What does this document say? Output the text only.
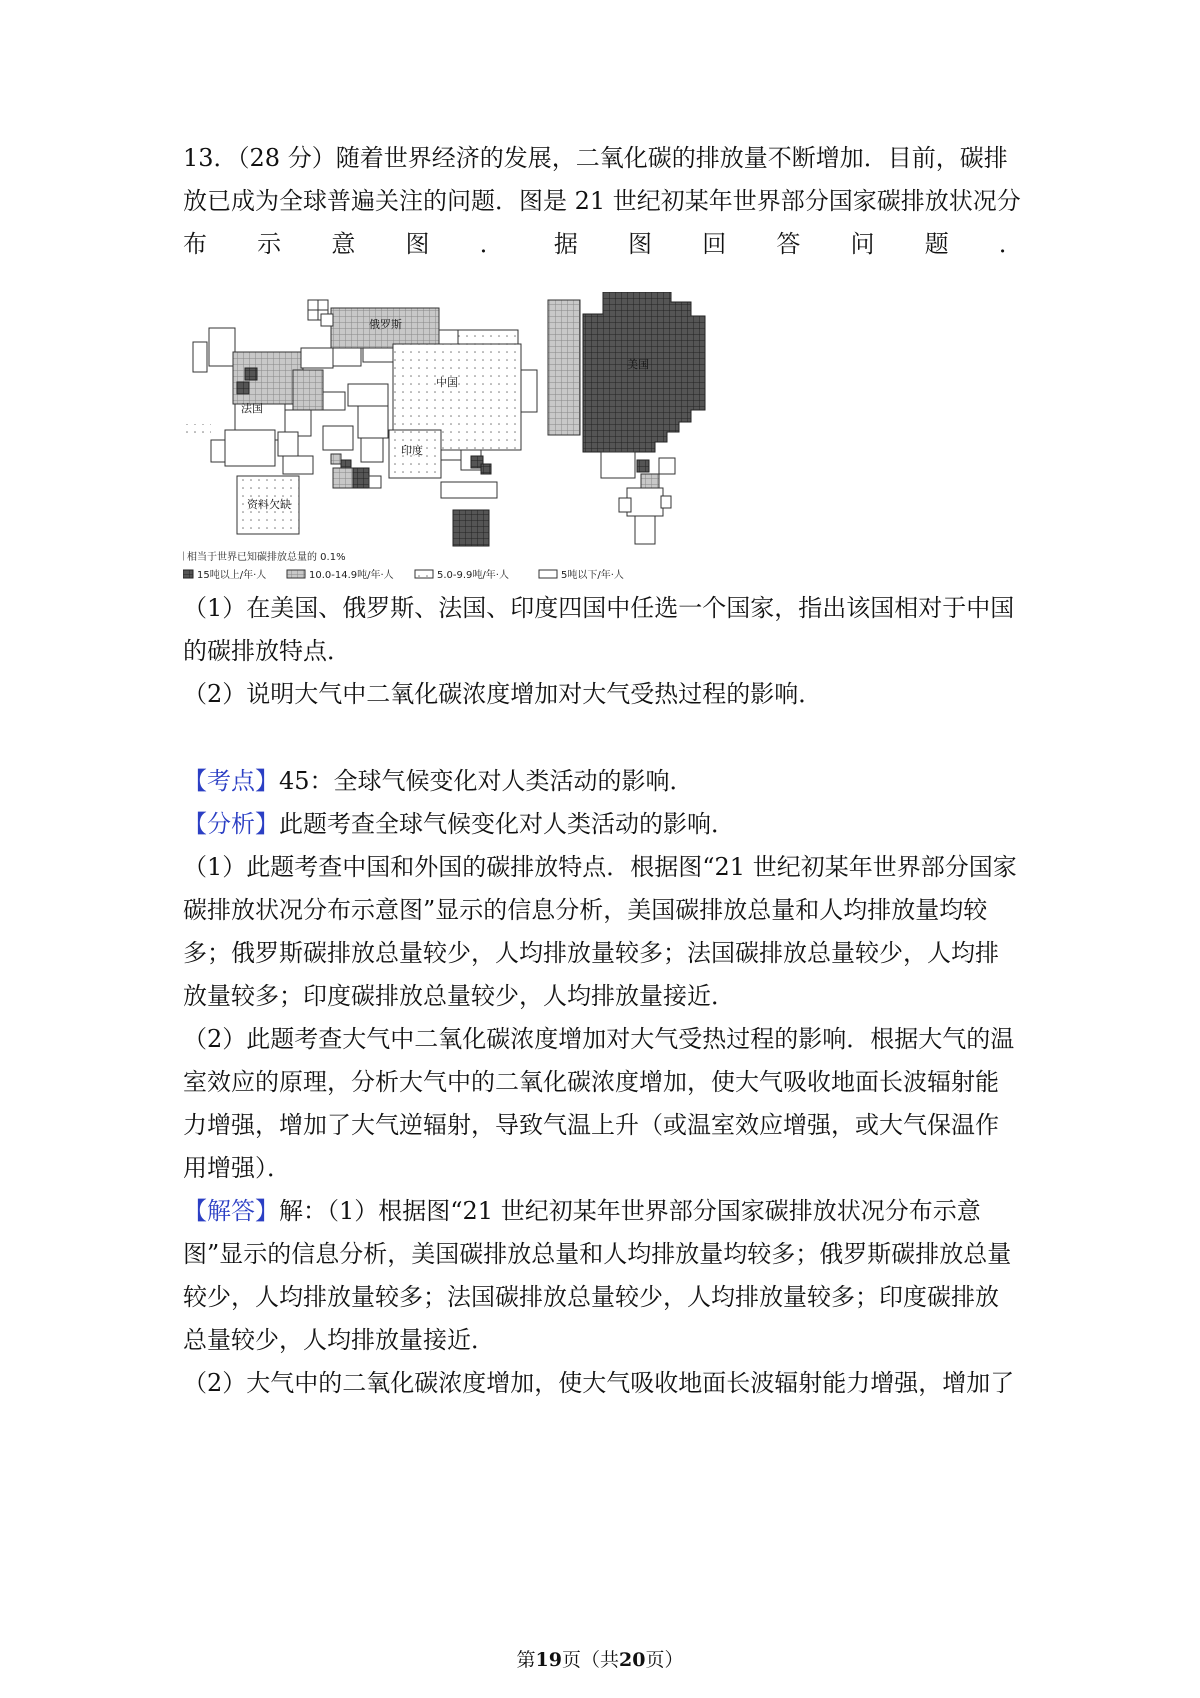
13．（28 分）随着世界经济的发展，二氧化碳的排放量不断增加．目前，碳排
放已成为全球普遍关注的问题．图是 21 世纪初某年世界部分国家碳排放状况分
布 示 意 图 ． 据 图 回 答 问 题 ．
俄罗斯
中国
美国
法国
印度
资料欠缺
相当于世界已知碳排放总量的 0.1%
15吨以上/年·人	10.0-14.9吨/年·人	5.0-9.9吨/年·人	5吨以下/年·人
（1）在美国、俄罗斯、法国、印度四国中任选一个国家，指出该国相对于中国
的碳排放特点．
（2）说明大气中二氧化碳浓度增加对大气受热过程的影响．
【考点】45：全球气候变化对人类活动的影响．
【分析】此题考查全球气候变化对人类活动的影响．
（1）此题考查中国和外国的碳排放特点．根据图“21 世纪初某年世界部分国家
碳排放状况分布示意图”显示的信息分析，美国碳排放总量和人均排放量均较
多；俄罗斯碳排放总量较少，人均排放量较多；法国碳排放总量较少，人均排
放量较多；印度碳排放总量较少，人均排放量接近．
（2）此题考查大气中二氧化碳浓度增加对大气受热过程的影响．根据大气的温
室效应的原理，分析大气中的二氧化碳浓度增加，使大气吸收地面长波辐射能
力增强，增加了大气逆辐射，导致气温上升（或温室效应增强，或大气保温作
用增强）．
【解答】解：（1）根据图“21 世纪初某年世界部分国家碳排放状况分布示意
图”显示的信息分析，美国碳排放总量和人均排放量均较多；俄罗斯碳排放总量
较少，人均排放量较多；法国碳排放总量较少，人均排放量较多；印度碳排放
总量较少，人均排放量接近．
（2）大气中的二氧化碳浓度增加，使大气吸收地面长波辐射能力增强，增加了
第19页（共20页）
